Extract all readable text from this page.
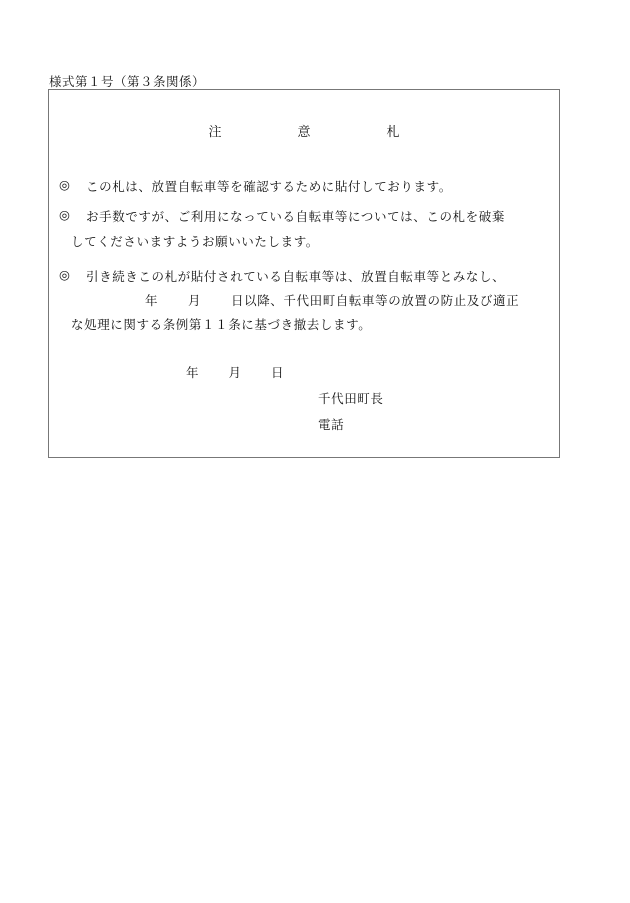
様式第１号（第３条関係）
注	意	札
◎ この札は、放置自転車等を確認するために貼付しております。
◎ お手数ですが、ご利用になっている自転車等については、この札を破棄
してくださいますようお願いいたします。
◎ 引き続きこの札が貼付されている自転車等は、放置自転車等とみなし、
年 月 日以降、千代田町自転車等の放置の防止及び適正
な処理に関する条例第１１条に基づき撤去します。
年 月 日
千代田町長
電話
